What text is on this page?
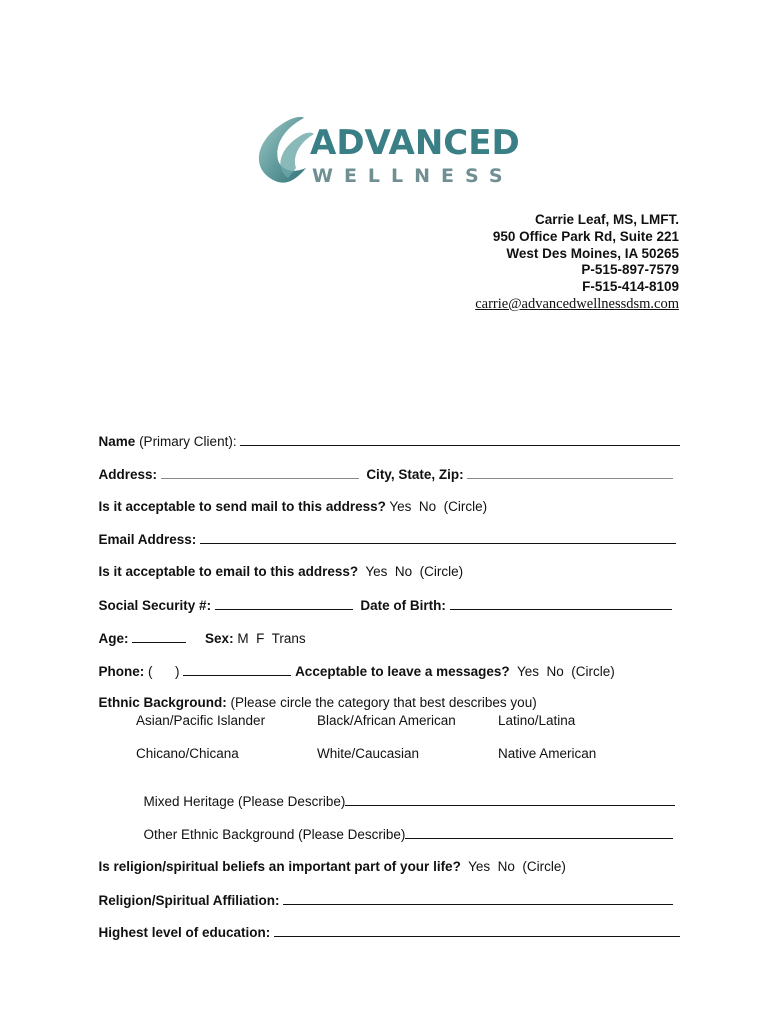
ADVANCED
WELLNESS
Carrie Leaf, MS, LMFT.
950 Office Park Rd, Suite 221
West Des Moines, IA 50265
P-515-897-7579
F-515-414-8109
carrie@advancedwellnessdsm.com

Name (Primary Client):

Address:	City, State, Zip:

Is it acceptable to send mail to this address? Yes  No  (Circle)

Email Address:

Is it acceptable to email to this address? Yes  No  (Circle)

Social Security #:	Date of Birth:

Age:	Sex: M  F  Trans

Phone: (      )	Acceptable to leave a messages? Yes  No  (Circle)

Ethnic Background: (Please circle the category that best describes you)

Asian/Pacific Islander	Black/African American	Latino/Latina
Chicano/Chicana	White/Caucasian	Native American

Mixed Heritage (Please Describe)

Other Ethnic Background (Please Describe)

Is religion/spiritual beliefs an important part of your life? Yes  No  (Circle)

Religion/Spiritual Affiliation:

Highest level of education:
